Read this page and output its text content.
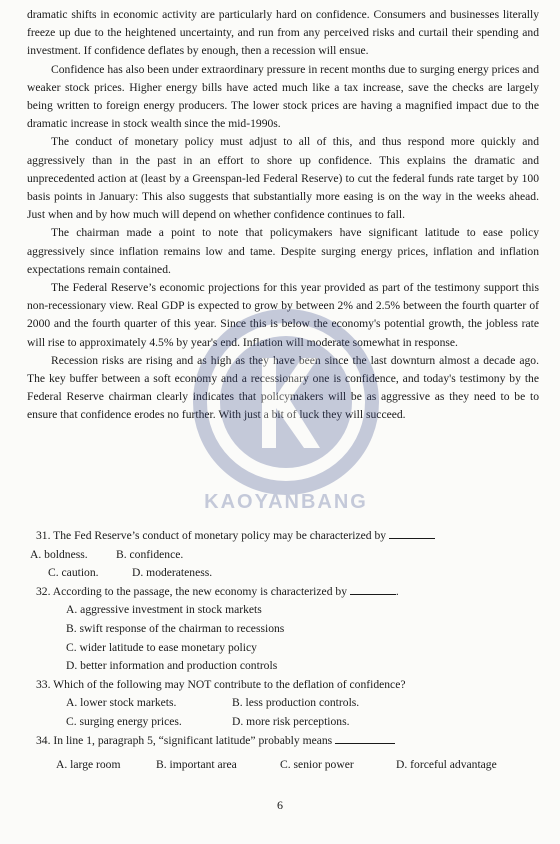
dramatic shifts in economic activity are particularly hard on confidence. Consumers and businesses literally freeze up due to the heightened uncertainty, and run from any perceived risks and curtail their spending and investment. If confidence deflates by enough, then a recession will ensue.

Confidence has also been under extraordinary pressure in recent months due to surging energy prices and weaker stock prices. Higher energy bills have acted much like a tax increase, save the checks are largely being written to foreign energy producers. The lower stock prices are having a magnified impact due to the dramatic increase in stock wealth since the mid-1990s.

The conduct of monetary policy must adjust to all of this, and thus respond more quickly and aggressively than in the past in an effort to shore up confidence. This explains the dramatic and unprecedented action at (least by a Greenspan-led Federal Reserve) to cut the federal funds rate target by 100 basis points in January: This also suggests that substantially more easing is on the way in the weeks ahead. Just when and by how much will depend on whether confidence continues to fall.

The chairman made a point to note that policymakers have significant latitude to ease policy aggressively since inflation remains low and tame. Despite surging energy prices, inflation and inflation expectations remain contained.

The Federal Reserve’s economic projections for this year provided as part of the testimony support this non-recessionary view. Real GDP is expected to grow by between 2% and 2.5% between the fourth quarter of 2000 and the fourth quarter of this year. Since this is below the economy's potential growth, the jobless rate will rise to approximately 4.5% by year's end. Inflation will moderate somewhat in response.

Recession risks are rising and as high as they have been since the last downturn almost a decade ago. The key buffer between a soft economy and a recessionary one is confidence, and today's testimony by the Federal Reserve chairman clearly indicates that policymakers will be as aggressive as they need to be to ensure that confidence erodes no further. With just a bit of luck they will succeed.

KAOYANBANG

31. The Fed Reserve’s conduct of monetary policy may be characterized by

A. boldness.	B. confidence.
C. caution.	D. moderateness.

32. According to the passage, the new economy is characterized by	.

A. aggressive investment in stock markets
B. swift response of the chairman to recessions
C. wider latitude to ease monetary policy
D. better information and production controls

33. Which of the following may NOT contribute to the deflation of confidence?

A. lower stock markets.	B. less production controls.
C. surging energy prices.	D. more risk perceptions.

34. In line 1, paragraph 5, “significant latitude” probably means

A. large room	B. important area	C. senior power	D. forceful advantage
6
